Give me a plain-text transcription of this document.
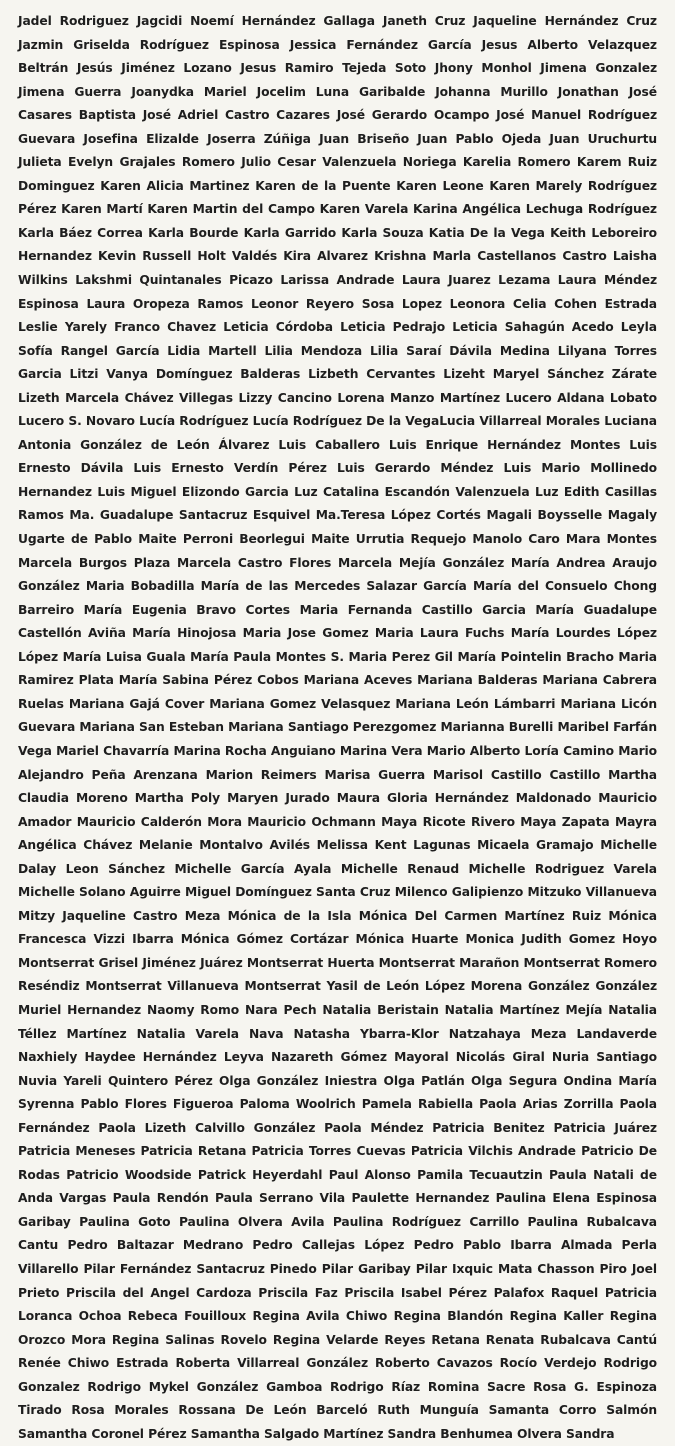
Jadel Rodriguez Jagcidi Noemí Hernández Gallaga Janeth Cruz Jaqueline Hernández Cruz Jazmin Griselda Rodríguez Espinosa Jessica Fernández García Jesus Alberto Velazquez Beltrán Jesús Jiménez Lozano Jesus Ramiro Tejeda Soto Jhony Monhol Jimena Gonzalez Jimena Guerra Joanydka Mariel Jocelim Luna Garibalde Johanna Murillo Jonathan José Casares Baptista José Adriel Castro Cazares José Gerardo Ocampo José Manuel Rodríguez Guevara Josefina Elizalde Joserra Zúñiga Juan Briseño Juan Pablo Ojeda Juan Uruchurtu Julieta Evelyn Grajales Romero Julio Cesar Valenzuela Noriega Karelia Romero Karem Ruiz Dominguez Karen Alicia Martinez Karen de la Puente Karen Leone Karen Marely Rodríguez Pérez Karen Martí Karen Martin del Campo Karen Varela Karina Angélica Lechuga Rodríguez Karla Báez Correa Karla Bourde Karla Garrido Karla Souza Katia De la Vega Keith Leboreiro Hernandez Kevin Russell Holt Valdés Kira Alvarez Krishna Marla Castellanos Castro Laisha Wilkins Lakshmi Quintanales Picazo Larissa Andrade Laura Juarez Lezama Laura Méndez Espinosa Laura Oropeza Ramos Leonor Reyero Sosa Lopez Leonora Celia Cohen Estrada Leslie Yarely Franco Chavez Leticia Córdoba Leticia Pedrajo Leticia Sahagún Acedo Leyla Sofía Rangel García Lidia Martell Lilia Mendoza Lilia Saraí Dávila Medina Lilyana Torres Garcia Litzi Vanya Domínguez Balderas Lizbeth Cervantes Lizeht Maryel Sánchez Zárate Lizeth Marcela Chávez Villegas Lizzy Cancino Lorena Manzo Martínez Lucero Aldana Lobato Lucero S. Novaro Lucía Rodríguez Lucía Rodríguez De la VegaLucia Villarreal Morales Luciana Antonia González de León Álvarez Luis Caballero Luis Enrique Hernández Montes Luis Ernesto Dávila Luis Ernesto Verdín Pérez Luis Gerardo Méndez Luis Mario Mollinedo Hernandez Luis Miguel Elizondo Garcia Luz Catalina Escandón Valenzuela Luz Edith Casillas Ramos Ma. Guadalupe Santacruz Esquivel Ma.Teresa López Cortés Magali Boysselle Magaly Ugarte de Pablo Maite Perroni Beorlegui Maite Urrutia Requejo Manolo Caro Mara Montes Marcela Burgos Plaza Marcela Castro Flores Marcela Mejía González María Andrea Araujo González Maria Bobadilla María de las Mercedes Salazar García María del Consuelo Chong Barreiro María Eugenia Bravo Cortes Maria Fernanda Castillo Garcia María Guadalupe Castellón Aviña María Hinojosa Maria Jose Gomez Maria Laura Fuchs María Lourdes López López María Luisa Guala María Paula Montes S. Maria Perez Gil María Pointelin Bracho Maria Ramirez Plata María Sabina Pérez Cobos Mariana Aceves Mariana Balderas Mariana Cabrera Ruelas Mariana Gajá Cover Mariana Gomez Velasquez Mariana León Lámbarri Mariana Licón Guevara Mariana San Esteban Mariana Santiago Perezgomez Marianna Burelli Maribel Farfán Vega Mariel Chavarría Marina Rocha Anguiano Marina Vera Mario Alberto Loría Camino Mario Alejandro Peña Arenzana Marion Reimers Marisa Guerra Marisol Castillo Castillo Martha Claudia Moreno Martha Poly Maryen Jurado Maura Gloria Hernández Maldonado Mauricio Amador Mauricio Calderón Mora Mauricio Ochmann Maya Ricote Rivero Maya Zapata Mayra Angélica Chávez Melanie Montalvo Avilés Melissa Kent Lagunas Micaela Gramajo Michelle Dalay Leon Sánchez Michelle García Ayala Michelle Renaud Michelle Rodriguez Varela Michelle Solano Aguirre Miguel Domínguez Santa Cruz Milenco Galipienzo Mitzuko Villanueva Mitzy Jaqueline Castro Meza Mónica de la Isla Mónica Del Carmen Martínez Ruiz Mónica Francesca Vizzi Ibarra Mónica Gómez Cortázar Mónica Huarte Monica Judith Gomez Hoyo Montserrat Grisel Jiménez Juárez Montserrat Huerta Montserrat Marañon Montserrat Romero Reséndiz Montserrat Villanueva Montserrat Yasil de León López Morena González González Muriel Hernandez Naomy Romo Nara Pech Natalia Beristain Natalia Martínez Mejía Natalia Téllez Martínez Natalia Varela Nava Natasha Ybarra-Klor Natzahaya Meza Landaverde Naxhiely Haydee Hernández Leyva Nazareth Gómez Mayoral Nicolás Giral Nuria Santiago Nuvia Yareli Quintero Pérez Olga González Iniestra Olga Patlán Olga Segura Ondina María Syrenna Pablo Flores Figueroa Paloma Woolrich Pamela Rabiella Paola Arias Zorrilla Paola Fernández Paola Lizeth Calvillo González Paola Méndez Patricia Benitez Patricia Juárez Patricia Meneses Patricia Retana Patricia Torres Cuevas Patricia Vilchis Andrade Patricio De Rodas Patricio Woodside Patrick Heyerdahl Paul Alonso Pamila Tecuautzin Paula Natali de Anda Vargas Paula Rendón Paula Serrano Vila Paulette Hernandez Paulina Elena Espinosa Garibay Paulina Goto Paulina Olvera Avila Paulina Rodríguez Carrillo Paulina Rubalcava Cantu Pedro Baltazar Medrano Pedro Callejas López Pedro Pablo Ibarra Almada Perla Villarello Pilar Fernández Santacruz Pinedo Pilar Garibay Pilar Ixquic Mata Chasson Piro Joel Prieto Priscila del Angel Cardoza Priscila Faz Priscila Isabel Pérez Palafox Raquel Patricia Loranca Ochoa Rebeca Fouilloux Regina Avila Chiwo Regina Blandón Regina Kaller Regina Orozco Mora Regina Salinas Rovelo Regina Velarde Reyes Retana Renata Rubalcava Cantú Renée Chiwo Estrada Roberta Villarreal González Roberto Cavazos Rocío Verdejo Rodrigo Gonzalez Rodrigo Mykel González Gamboa Rodrigo Ríaz Romina Sacre Rosa G. Espinoza Tirado Rosa Morales Rossana De León Barceló Ruth Munguía Samanta Corro Salmón Samantha Coronel Pérez Samantha Salgado Martínez Sandra Benhumea Olvera Sandra
